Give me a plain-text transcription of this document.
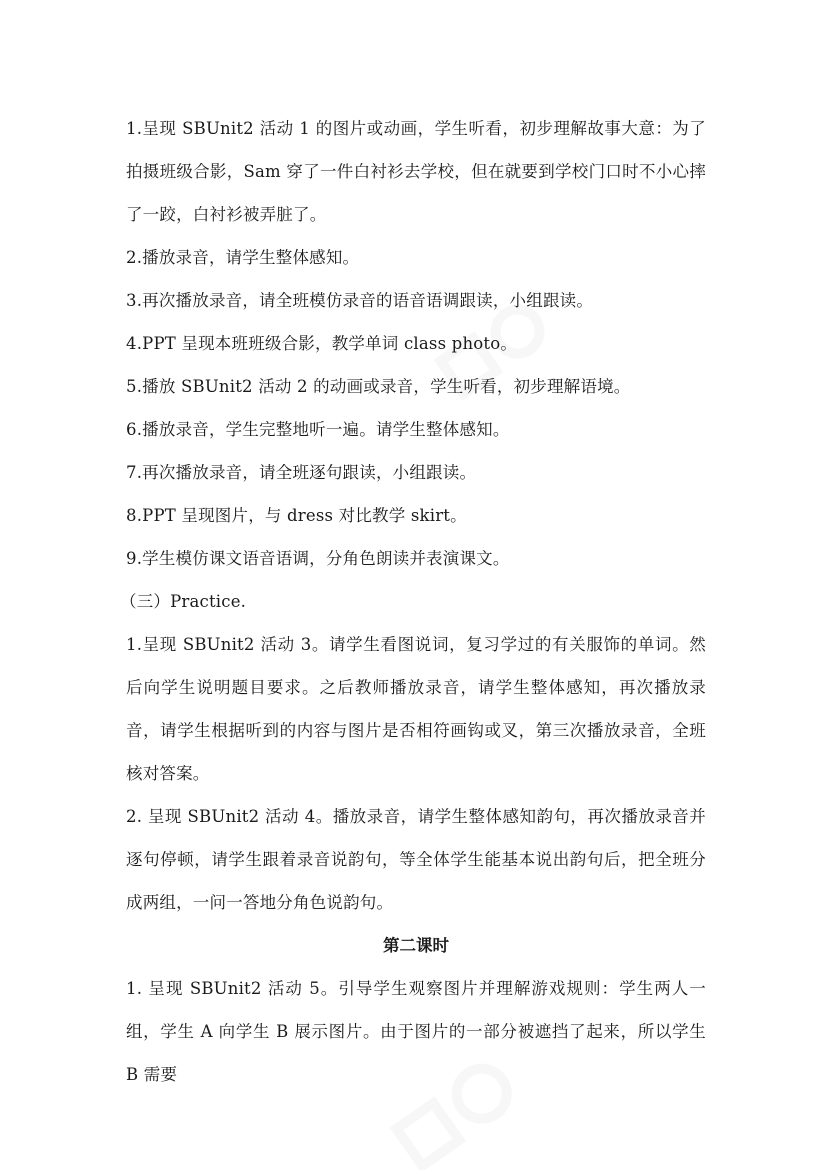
1.呈现 SBUnit2 活动 1 的图片或动画，学生听看，初步理解故事大意：为了拍摄班级合影，Sam 穿了一件白衬衫去学校，但在就要到学校门口时不小心摔了一跤，白衬衫被弄脏了。

2.播放录音，请学生整体感知。

3.再次播放录音，请全班模仿录音的语音语调跟读，小组跟读。

4.PPT 呈现本班班级合影，教学单词 class photo。

5.播放 SBUnit2 活动 2 的动画或录音，学生听看，初步理解语境。

6.播放录音，学生完整地听一遍。请学生整体感知。

7.再次播放录音，请全班逐句跟读，小组跟读。

8.PPT 呈现图片，与 dress 对比教学 skirt。

9.学生模仿课文语音语调，分角色朗读并表演课文。

（三）Practice.

1.呈现 SBUnit2 活动 3。请学生看图说词，复习学过的有关服饰的单词。然后向学生说明题目要求。之后教师播放录音，请学生整体感知，再次播放录音，请学生根据听到的内容与图片是否相符画钩或叉，第三次播放录音，全班核对答案。

2. 呈现 SBUnit2 活动 4。播放录音，请学生整体感知韵句，再次播放录音并逐句停顿，请学生跟着录音说韵句，等全体学生能基本说出韵句后，把全班分成两组，一问一答地分角色说韵句。

第二课时

1. 呈现 SBUnit2 活动 5。引导学生观察图片并理解游戏规则：学生两人一组，学生 A 向学生 B 展示图片。由于图片的一部分被遮挡了起来，所以学生 B 需要
